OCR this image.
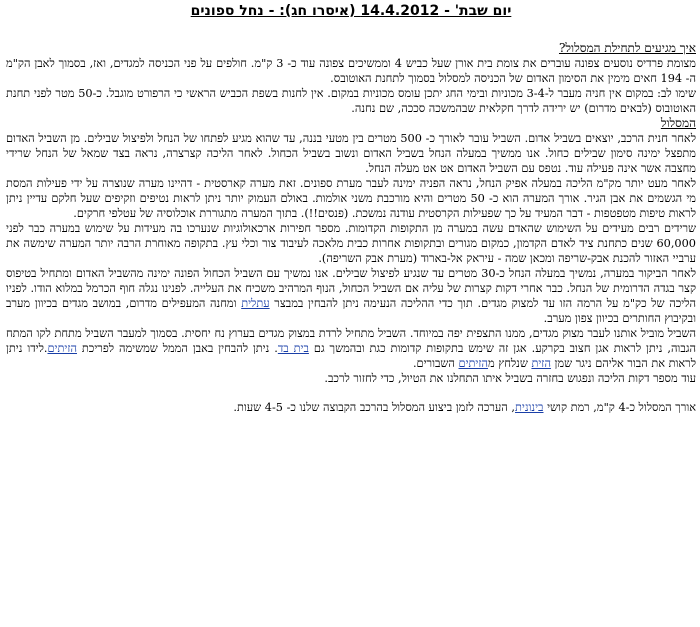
יום שבת' - 14.4.2012 (איסרו חג): - נחל ספונים
איך מגיעים לתחילת המסלול?

מצומת פרדיס נוסעים צפונה עוברים את צומת בית אורן שעל כביש 4 וממשיכים צפונה עוד כ- 3 ק"מ. חולפים על פני הכניסה למגדים, ואז, בסמוך לאבן הק"מ ה- 194 חאים מימין את הסימון האדום של הכניסה למסלול בסמוך לתחנת האוטובס.

שימו לב: במקום אין חניה מעבר ל-3-4 מכוניות ובימי החג יתכן עומס מכוניות במקום. אין לחנות בשפת הכביש הראשי כי הרפורט מוגבל. כ-50 מטר לפני תחנת האוטובוס (לבאים מדרום) יש ירידה לדרך חקלאית שבהמשכה סככה, שם נחנה.

המסלול

לאחר חנית הרכב, יוצאים בשביל אדום. השביל עובר לאורך כ- 500 מטרים בין מטעי בננה, עד שהוא מגיע לפתחו של הנחל ולפיצול שבילים. מן השביל האדום מתפצל ימינה סימון שבילים כחול. אנו ממשיך במעלה הנחל בשביל האדום ונשוב בשביל הכחול. לאחר הליכה קצרצרה, נראה בצד שמאל של הנחל שרידי מחצבה אשר אינה פעילה עוד. נטפס עם השביל האדום אט אט מעלה הנחל.

לאחר מעט יותר מק"מ הליכה במעלה אפיק הנחל, נראה הפניה ימינה לעבר מערת ספונים. זאת מערה קארסטית - דהיינו מערה שנוצרה על ידי פעילות המסת מי הגשמים את אבן הגיר. אורך המערה הוא כ- 50 מטרים והיא מורכבת משני אולמות. באולם העמוק יותר ניתן לראות נטיפים וזקיפים שעל חלקם עדיין ניתן לראות טיפות מטפטפות - דבר המעיד על כך שפעילות הקרסטית עודנה נמשכת. (פנסים!!). בתוך המערה מתגוררת אוכלוסיה של עטלפי חרקים.

שרידים רבים מעידים על השימוש שהאדם עשה במערה מן התקופות הקדומות. מספר חפירות ארכאולוגיות שנערכו בה מעידות על שימוש במערה כבר לפני 60,000 שנים כתחנת ציד לאדם הקדמון, כמקום מגורים ובתקופות אחרות כבית מלאכה לעיבוד צור וכלי עץ. בתקופה מאוחרת הרבה יותר המערה שימשה את ערביי האזור להכנת אבק-שריפה ומכאן שמה - עיראק אל-בארוד (מערת אבק השריפה).

לאחר הביקור במערה, נמשיך במעלה הנחל כ-30 מטרים עד שנגיע לפיצול שבילים. אנו נמשיך עם השביל הכחול הפונה ימינה מהשביל האדום ומתחיל בטיפוס קצר בגדה הדרומית של הנחל. כבר אחרי דקות קצרות של עליה אם השביל הכחול, הנוף המרהיב משכיח את העלייה. לפנינו נגלה חוף הכרמל במלוא הודו. לפניו הליכה של כק"מ על הרמה הזו עד למצוק מגדים. תוך כדי ההליכה הנעימה ניתן להבחין במבצר עתלית ומחנה המעפילים מדרום, במושב מגדים בכיוון מערב ובקיבוץ החותרים בכיוון צפון מערב.

השביל מוביל אותנו לעבר מצוק מגדים, ממנו התצפית יפה במיוחד. השביל מתחיל לרדת במצוק מגדים בערוץ נח יחסית. בסמוך למעבר השביל מתחת לקו המתח הגבוה, ניתן לראות אגן חצוב בקרקע. אגן זה שימש בתקופות קדומות כגת ובהמשך גם בית בד. ניתן להבחין באבן הממל שמשימה לפריכת הזיתים.לידו ניתן לראות את הבור אליהם ניגר שמן הזית שנלחץ מהזיתים השבורים.

עוד מספר דקות הליכה ונפגוש בחזרה בשביל איתו התחלנו את הטיול, כדי לחזור לרכב.

אורך המסלול כ-4 ק"מ, רמת קושי בינונית, הערכה לזמן ביצוע המסלול בהרכב הקבוצה שלנו כ- 4-5 שעות.
